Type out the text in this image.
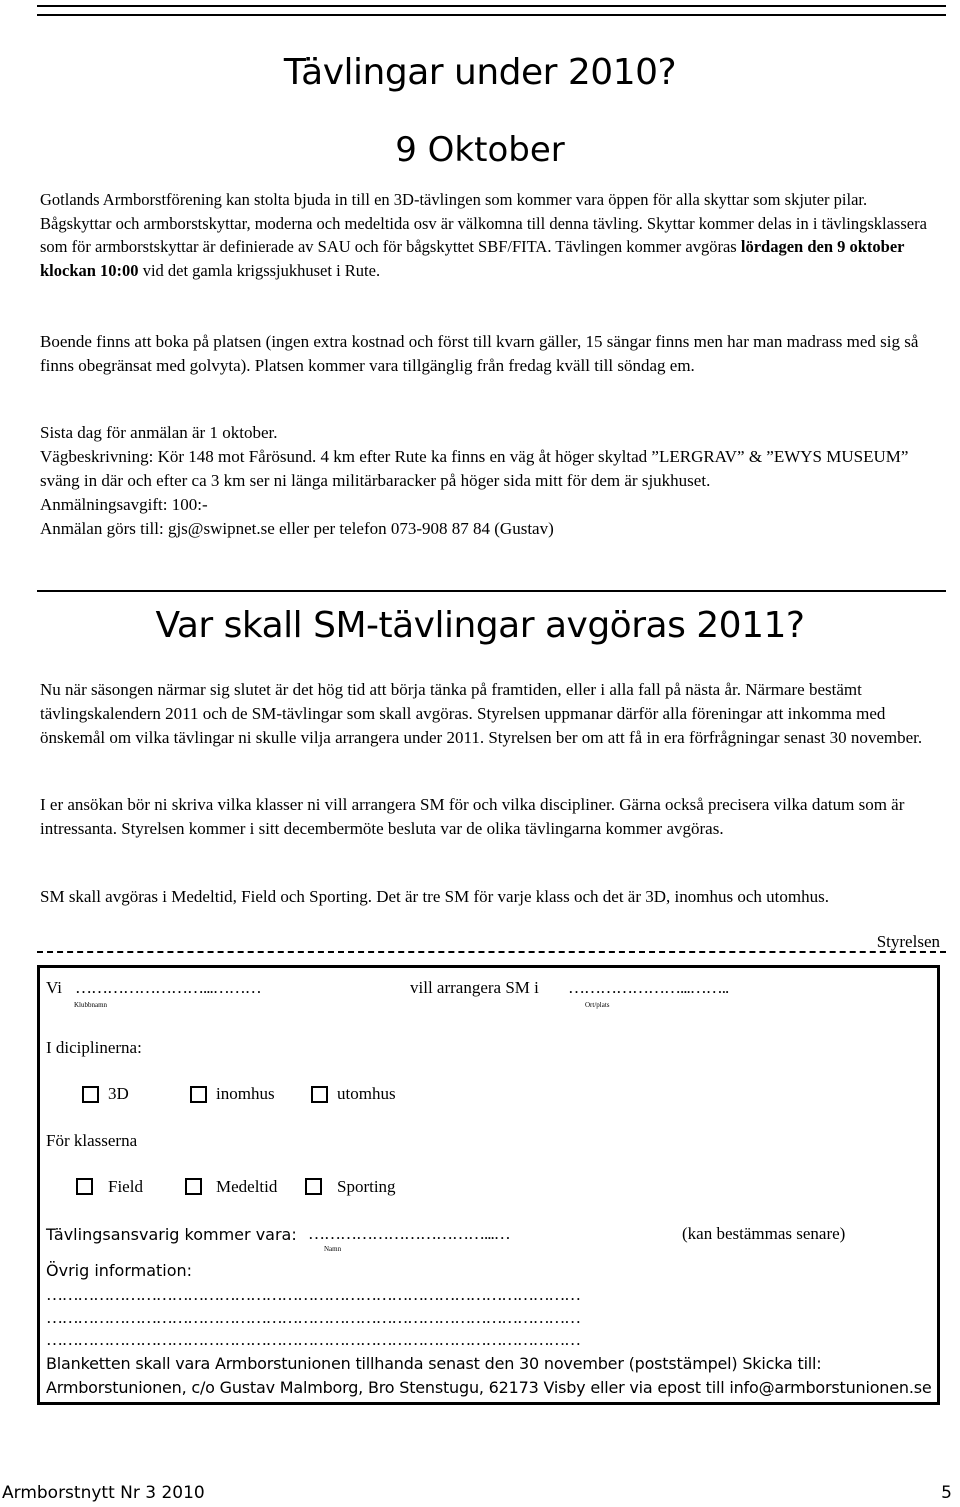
Tävlingar under 2010?
9 Oktober
Gotlands Armborstförening kan stolta bjuda in till en 3D-tävlingen som kommer vara öppen för alla skyttar som skjuter pilar. Bågskyttar och armborstskyttar, moderna och medeltida osv är välkomna till denna tävling. Skyttar kommer delas in i tävlingsklassera som för armborstskyttar är definierade av SAU och för bågskyttet SBF/FITA. Tävlingen kommer avgöras lördagen den 9 oktober klockan 10:00 vid det gamla krigssjukhuset i Rute.
Boende finns att boka på platsen (ingen extra kostnad och först till kvarn gäller, 15 sängar finns men har man madrass med sig så finns obegränsat med golvyta). Platsen kommer vara tillgänglig från fredag kväll till söndag em.
Sista dag för anmälan är 1 oktober.
Vägbeskrivning: Kör 148 mot Fårösund. 4 km efter Rute ka finns en väg åt höger skyltad ”LERGRAV” & ”EWYS MUSEUM” sväng in där och efter ca 3 km ser ni länga militärbaracker på höger sida mitt för dem är sjukhuset.
Anmälningsavgift: 100:-
Anmälan görs till: gjs@swipnet.se eller per telefon 073-908 87 84 (Gustav)
Var skall SM-tävlingar avgöras 2011?
Nu när säsongen närmar sig slutet är det hög tid att börja tänka på framtiden, eller i alla fall på nästa år. Närmare bestämt tävlingskalendern 2011 och de SM-tävlingar som skall avgöras. Styrelsen uppmanar därför alla föreningar att inkomma med önskemål om vilka tävlingar ni skulle vilja arrangera under 2011. Styrelsen ber om att få in era förfrågningar senast 30 november.
I er ansökan bör ni skriva vilka klasser ni vill arrangera SM för och vilka discipliner. Gärna också precisera vilka datum som är intressanta. Styrelsen kommer i sitt decembermöte besluta var de olika tävlingarna kommer avgöras.
SM skall avgöras i Medeltid, Field och Sporting. Det är tre SM för varje klass och det är 3D, inomhus och utomhus.
Styrelsen
Vi ……………………...………
Klubbnamn
vill arrangera SM i …………………...……..
Ort/plats
I diciplinerna:
3D	inomhus	utomhus
För klasserna
Field	Medeltid	Sporting
Tävlingsansvarig kommer vara: ……………………………...…	(kan bestämmas senare)
Namn
Övrig information:
…………………………………………………………………………………………
…………………………………………………………………………………………
…………………………………………………………………………………………
Blanketten skall vara Armborstunionen tillhanda senast den 30 november (poststämpel) Skicka till: Armborstunionen, c/o Gustav Malmborg, Bro Stenstugu, 62173 Visby eller via epost till info@armborstunionen.se
Armborstnytt Nr 3 2010	5
